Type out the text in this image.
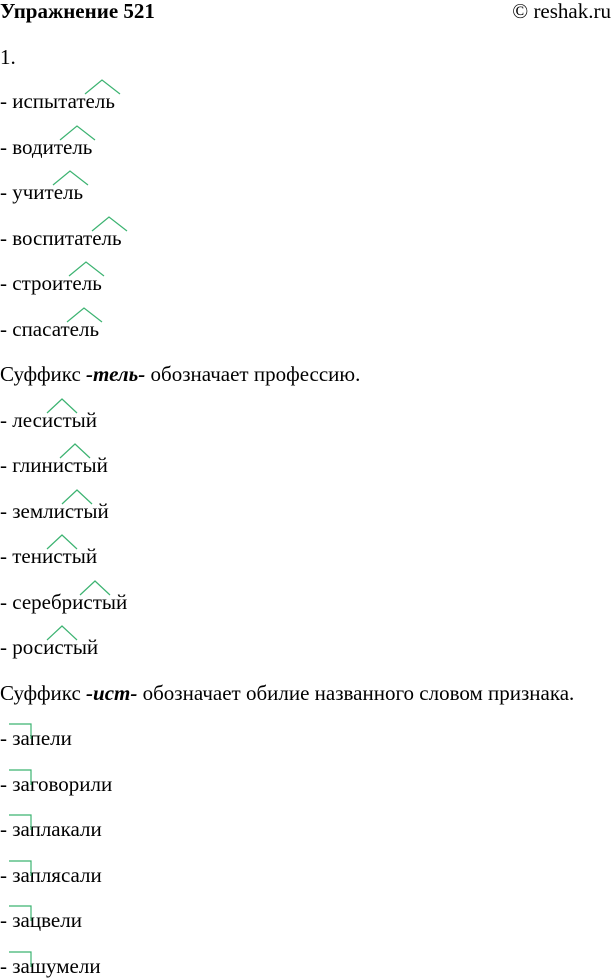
Упражнение 521	© reshak.ru
1.
- испытатель
- водитель
- учитель
- воспитатель
- строитель
- спасатель
Суффикс -тель- обозначает профессию.
- лесистый
- глинистый
- землистый
- тенистый
- серебристый
- росистый
Суффикс -ист- обозначает обилие названного словом признака.
- запели
- заговорили
- заплакали
- заплясали
- зацвели
- зашумели
